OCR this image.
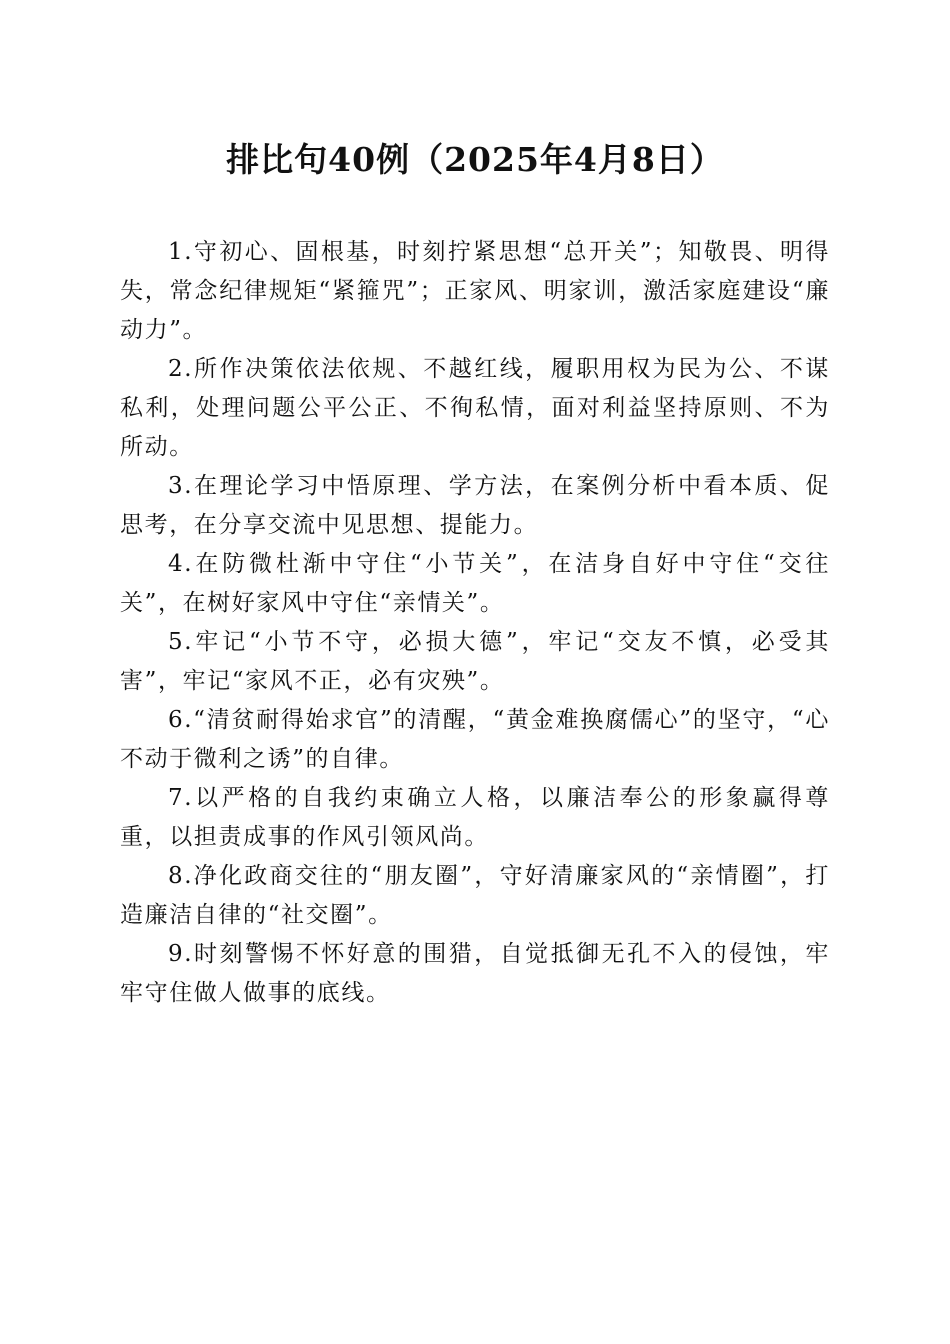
排比句40例（2025年4月8日）

1.守初心、固根基，时刻拧紧思想“总开关”；知敬畏、明得失，常念纪律规矩“紧箍咒”；正家风、明家训，激活家庭建设“廉动力”。

2.所作决策依法依规、不越红线，履职用权为民为公、不谋私利，处理问题公平公正、不徇私情，面对利益坚持原则、不为所动。

3.在理论学习中悟原理、学方法，在案例分析中看本质、促思考，在分享交流中见思想、提能力。

4.在防微杜渐中守住“小节关”，在洁身自好中守住“交往关”，在树好家风中守住“亲情关”。

5.牢记“小节不守，必损大德”，牢记“交友不慎，必受其害”，牢记“家风不正，必有灾殃”。

6.“清贫耐得始求官”的清醒，“黄金难换腐儒心”的坚守，“心不动于微利之诱”的自律。

7.以严格的自我约束确立人格，以廉洁奉公的形象赢得尊重，以担责成事的作风引领风尚。

8.净化政商交往的“朋友圈”，守好清廉家风的“亲情圈”，打造廉洁自律的“社交圈”。

9.时刻警惕不怀好意的围猎，自觉抵御无孔不入的侵蚀，牢牢守住做人做事的底线。
